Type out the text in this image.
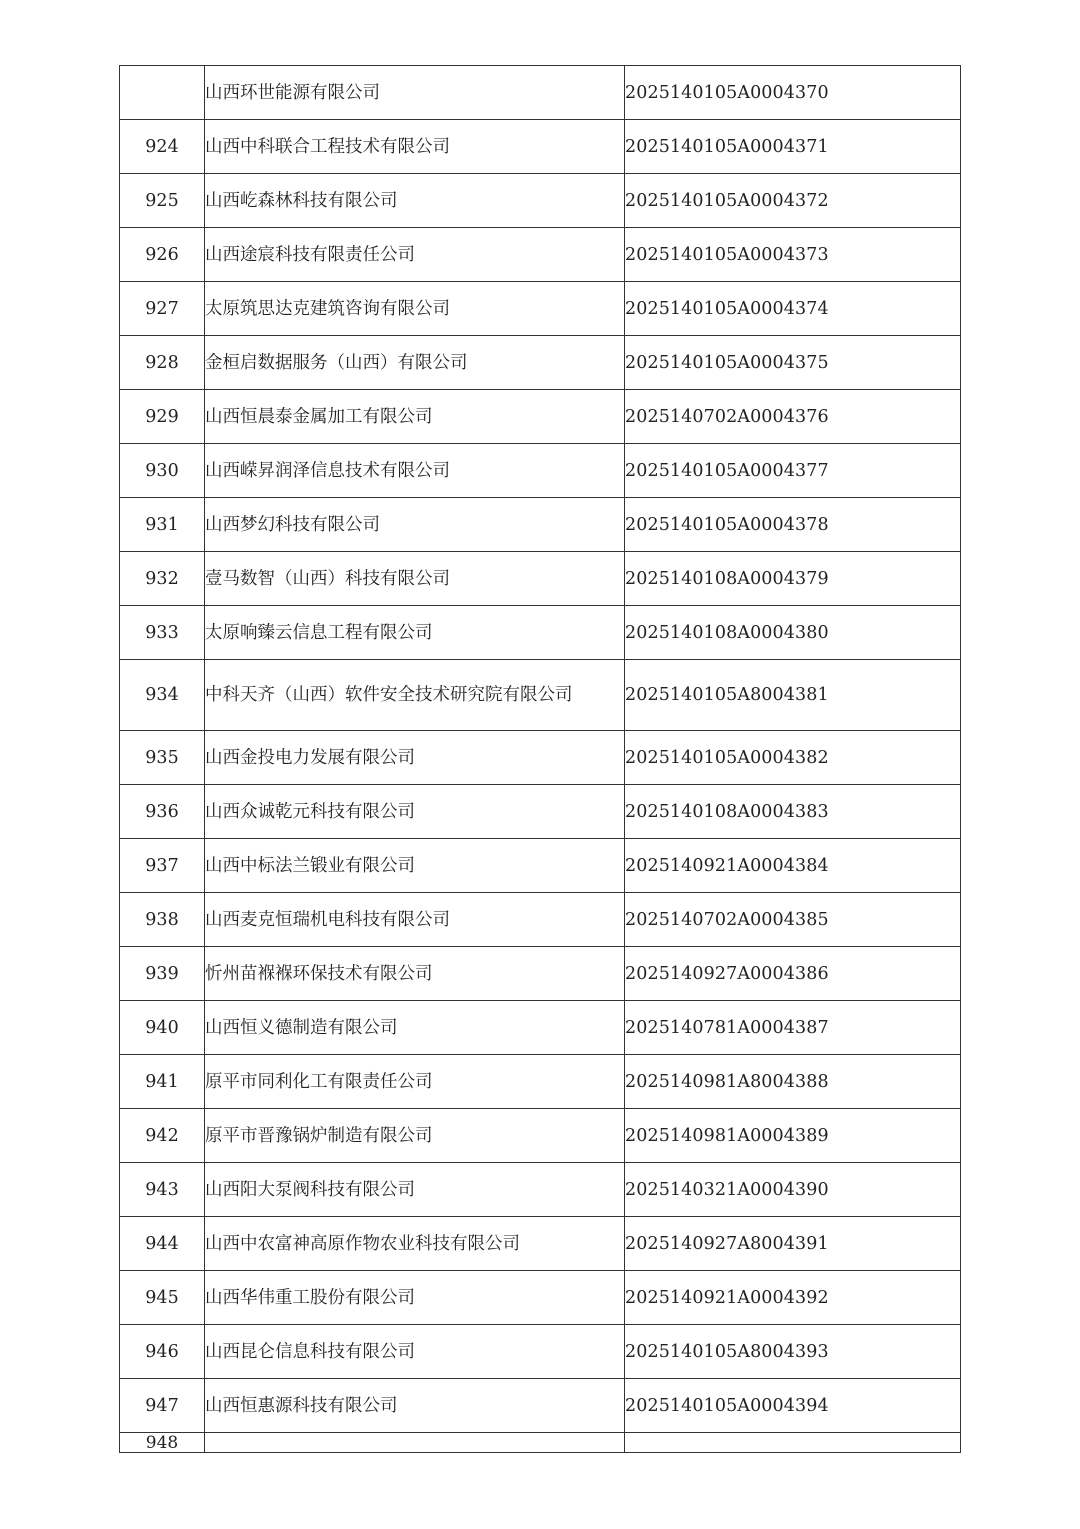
	山西环世能源有限公司	2025140105A0004370
924	山西中科联合工程技术有限公司	2025140105A0004371
925	山西屹森林科技有限公司	2025140105A0004372
926	山西途宸科技有限责任公司	2025140105A0004373
927	太原筑思达克建筑咨询有限公司	2025140105A0004374
928	金桓启数据服务（山西）有限公司	2025140105A0004375
929	山西恒晨泰金属加工有限公司	2025140702A0004376
930	山西嵘昇润泽信息技术有限公司	2025140105A0004377
931	山西梦幻科技有限公司	2025140105A0004378
932	壹马数智（山西）科技有限公司	2025140108A0004379
933	太原响臻云信息工程有限公司	2025140108A0004380
934	中科天齐（山西）软件安全技术研究院有限公司	2025140105A8004381
935	山西金投电力发展有限公司	2025140105A0004382
936	山西众诚乾元科技有限公司	2025140108A0004383
937	山西中标法兰锻业有限公司	2025140921A0004384
938	山西麦克恒瑞机电科技有限公司	2025140702A0004385
939	忻州苗褓褓环保技术有限公司	2025140927A0004386
940	山西恒义德制造有限公司	2025140781A0004387
941	原平市同利化工有限责任公司	2025140981A8004388
942	原平市晋豫锅炉制造有限公司	2025140981A0004389
943	山西阳大泵阀科技有限公司	2025140321A0004390
944	山西中农富神高原作物农业科技有限公司	2025140927A8004391
945	山西华伟重工股份有限公司	2025140921A0004392
946	山西昆仑信息科技有限公司	2025140105A8004393
947	山西恒惠源科技有限公司	2025140105A0004394
948		
